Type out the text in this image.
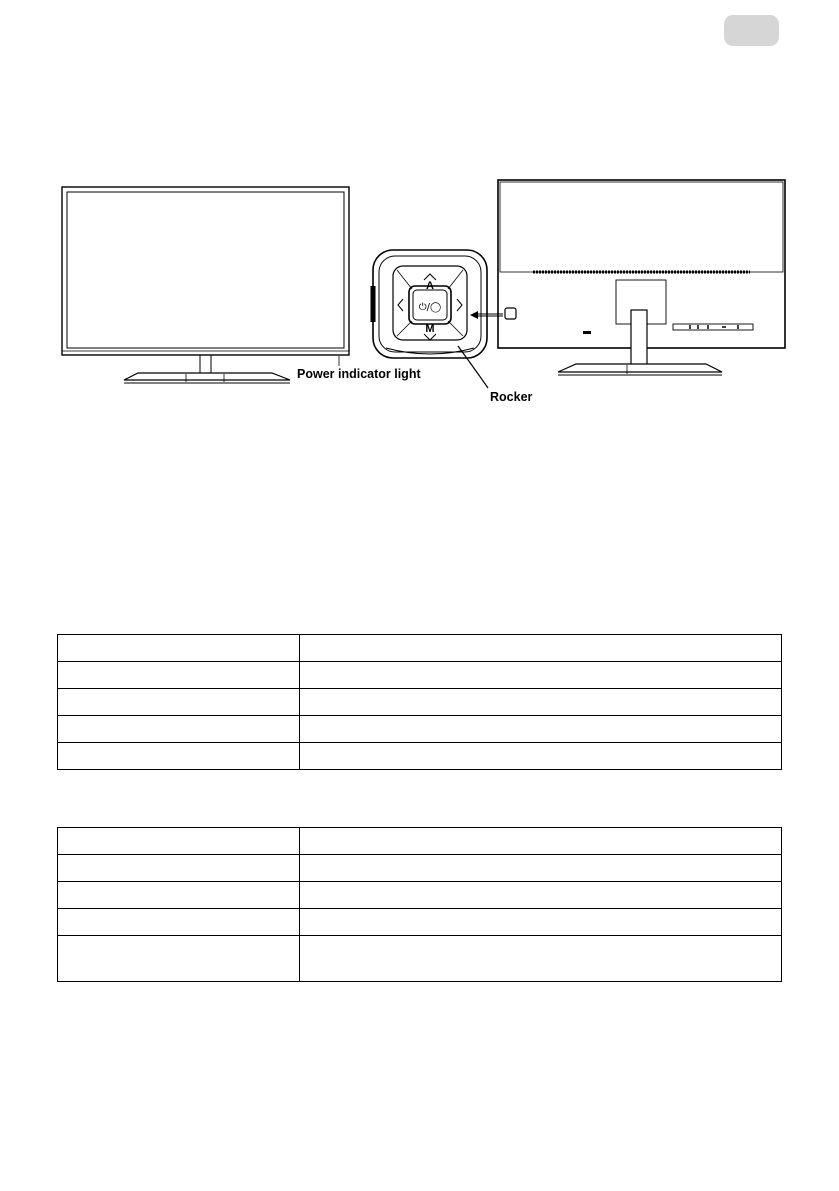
A
M
⏻/◯
Power indicator light
Rocker
